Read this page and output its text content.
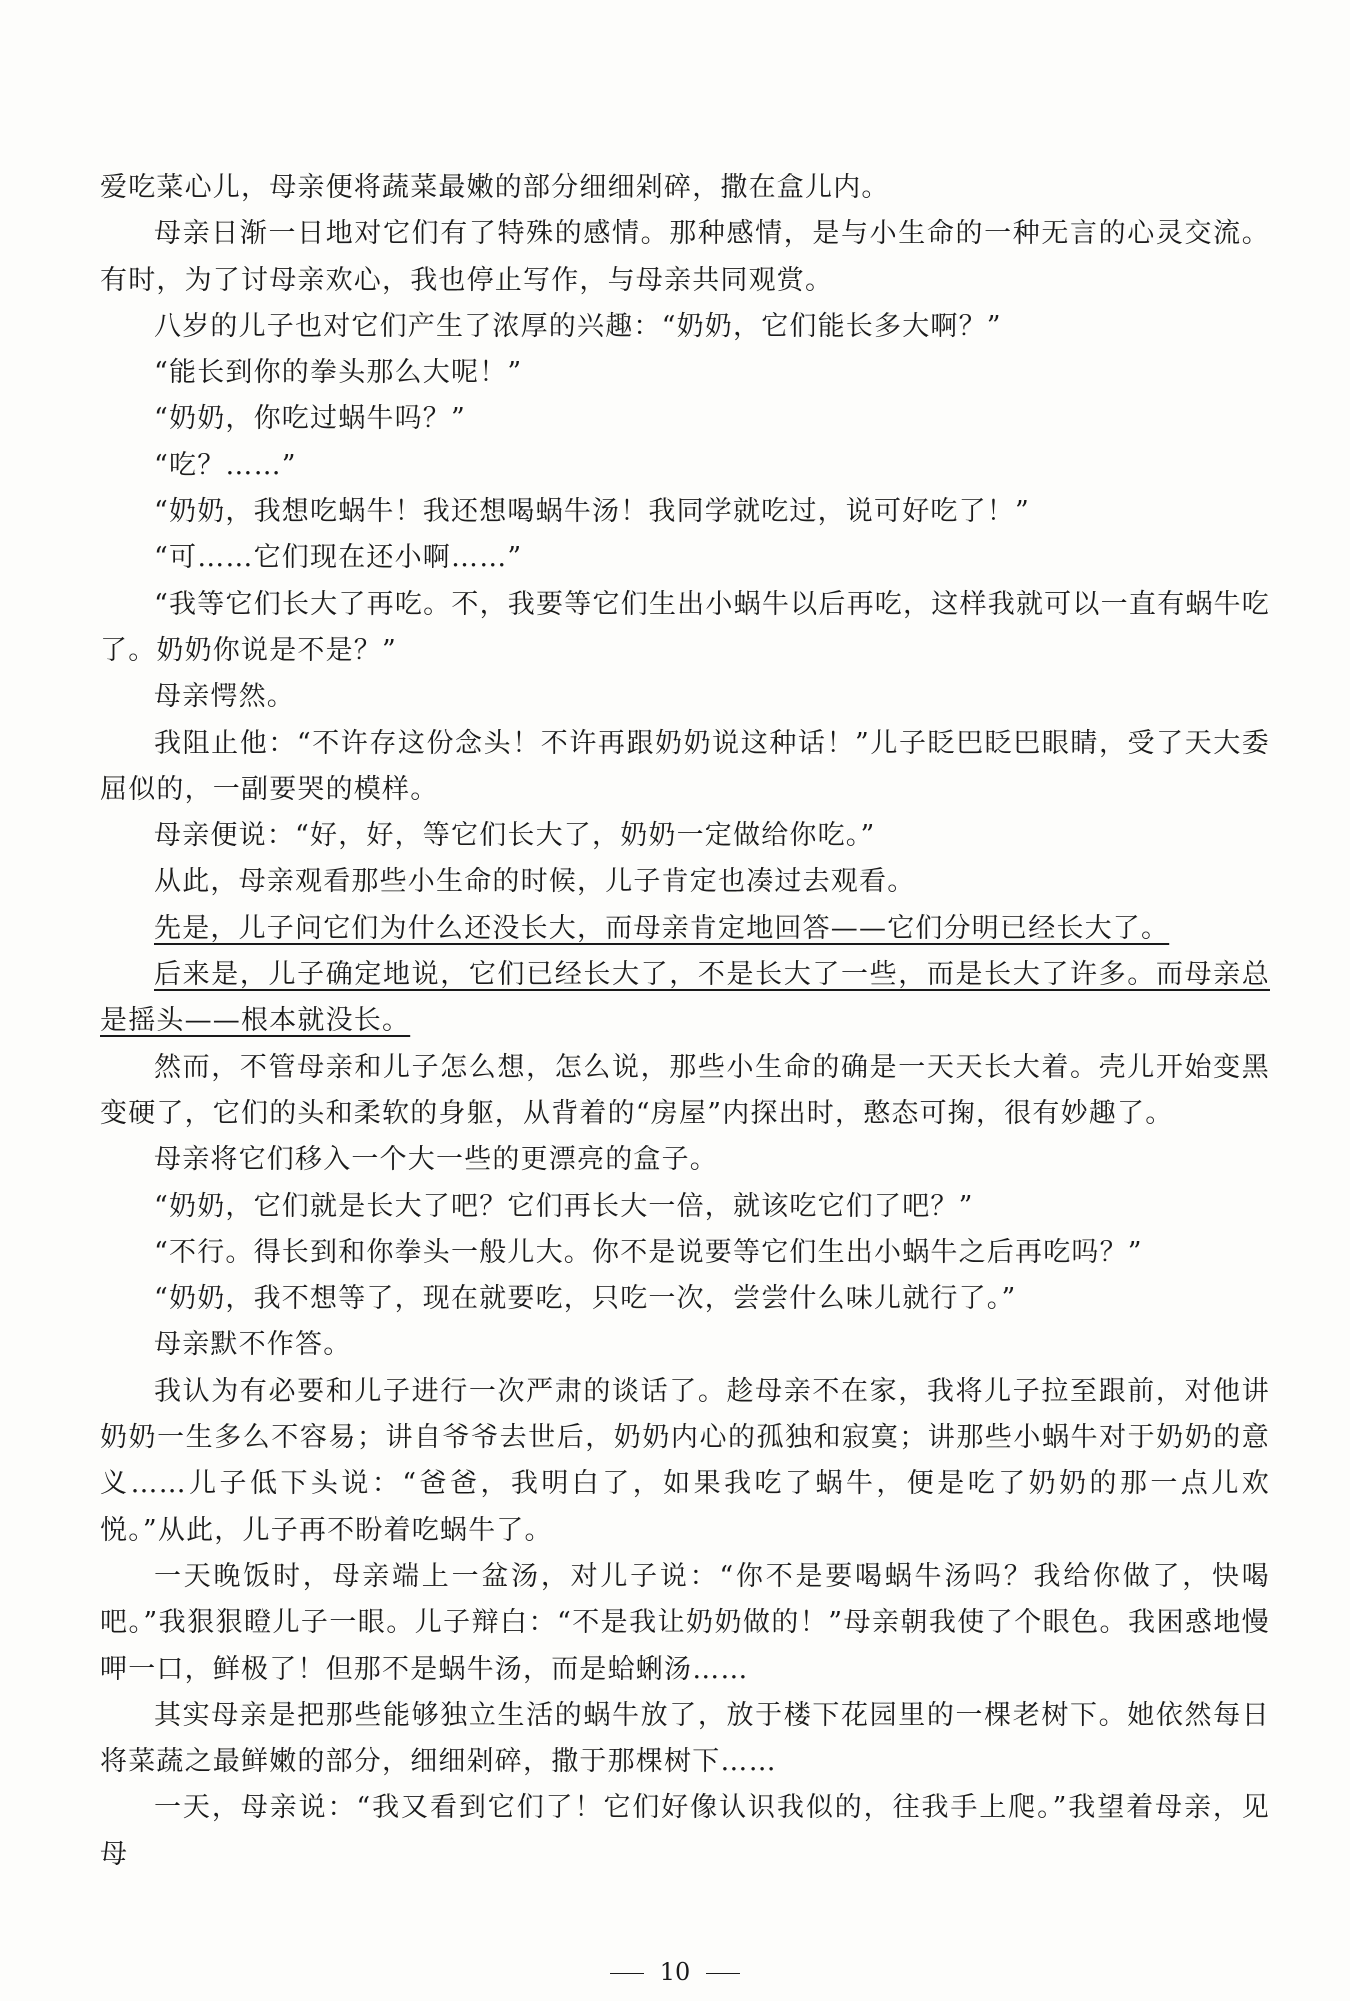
爱吃菜心儿，母亲便将蔬菜最嫩的部分细细剁碎，撒在盒儿内。

母亲日渐一日地对它们有了特殊的感情。那种感情，是与小生命的一种无言的心灵交流。有时，为了讨母亲欢心，我也停止写作，与母亲共同观赏。

八岁的儿子也对它们产生了浓厚的兴趣：“奶奶，它们能长多大啊？”

“能长到你的拳头那么大呢！”

“奶奶，你吃过蜗牛吗？”

“吃？……”

“奶奶，我想吃蜗牛！我还想喝蜗牛汤！我同学就吃过，说可好吃了！”

“可……它们现在还小啊……”

“我等它们长大了再吃。不，我要等它们生出小蜗牛以后再吃，这样我就可以一直有蜗牛吃了。奶奶你说是不是？”

母亲愕然。

我阻止他：“不许存这份念头！不许再跟奶奶说这种话！”儿子眨巴眨巴眼睛，受了天大委屈似的，一副要哭的模样。

母亲便说：“好，好，等它们长大了，奶奶一定做给你吃。”

从此，母亲观看那些小生命的时候，儿子肯定也凑过去观看。

先是，儿子问它们为什么还没长大，而母亲肯定地回答——它们分明已经长大了。

后来是，儿子确定地说，它们已经长大了，不是长大了一些，而是长大了许多。而母亲总是摇头——根本就没长。

然而，不管母亲和儿子怎么想，怎么说，那些小生命的确是一天天长大着。壳儿开始变黑变硬了，它们的头和柔软的身躯，从背着的“房屋”内探出时，憨态可掬，很有妙趣了。

母亲将它们移入一个大一些的更漂亮的盒子。

“奶奶，它们就是长大了吧？它们再长大一倍，就该吃它们了吧？”

“不行。得长到和你拳头一般儿大。你不是说要等它们生出小蜗牛之后再吃吗？”

“奶奶，我不想等了，现在就要吃，只吃一次，尝尝什么味儿就行了。”

母亲默不作答。

我认为有必要和儿子进行一次严肃的谈话了。趁母亲不在家，我将儿子拉至跟前，对他讲奶奶一生多么不容易；讲自爷爷去世后，奶奶内心的孤独和寂寞；讲那些小蜗牛对于奶奶的意义……儿子低下头说：“爸爸，我明白了，如果我吃了蜗牛，便是吃了奶奶的那一点儿欢悦。”从此，儿子再不盼着吃蜗牛了。

一天晚饭时，母亲端上一盆汤，对儿子说：“你不是要喝蜗牛汤吗？我给你做了，快喝吧。”我狠狠瞪儿子一眼。儿子辩白：“不是我让奶奶做的！”母亲朝我使了个眼色。我困惑地慢呷一口，鲜极了！但那不是蜗牛汤，而是蛤蜊汤……

其实母亲是把那些能够独立生活的蜗牛放了，放于楼下花园里的一棵老树下。她依然每日将菜蔬之最鲜嫩的部分，细细剁碎，撒于那棵树下……

一天，母亲说：“我又看到它们了！它们好像认识我似的，往我手上爬。”我望着母亲，见母

10
